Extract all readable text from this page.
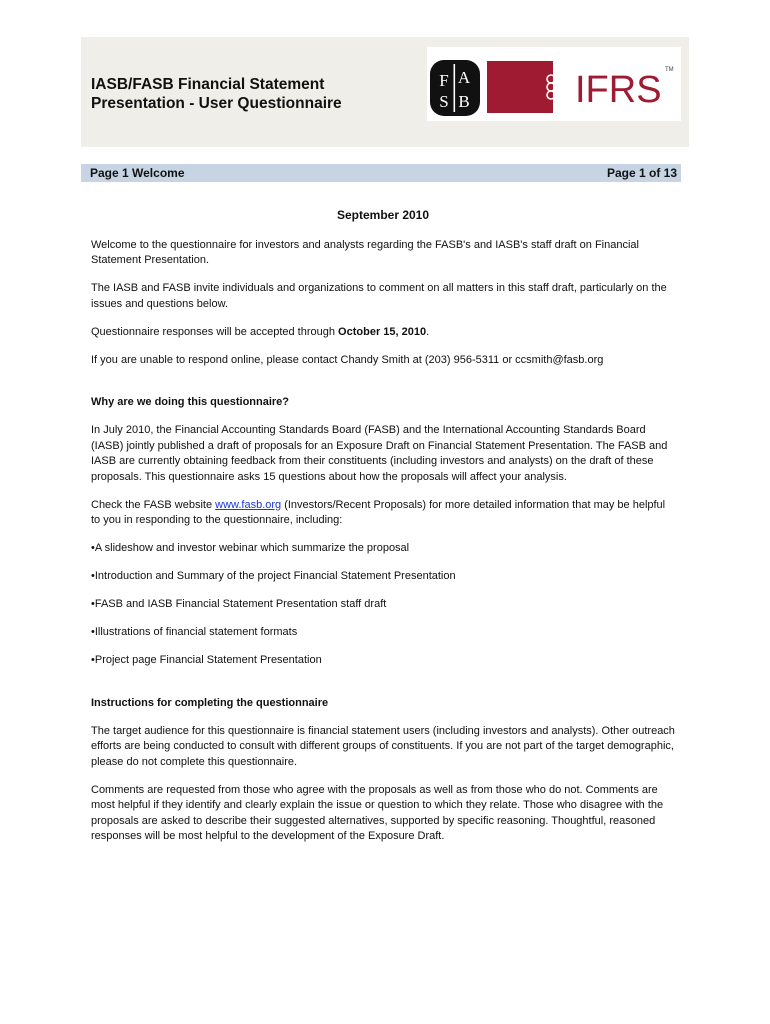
IASB/FASB Financial Statement
Presentation - User Questionnaire
F A
S B	IFRS TM
Page 1 Welcome	Page 1 of 13
September 2010

Welcome to the questionnaire for investors and analysts regarding the FASB's and IASB's staff draft on Financial Statement Presentation.

The IASB and FASB invite individuals and organizations to comment on all matters in this staff draft, particularly on the issues and questions below.

Questionnaire responses will be accepted through October 15, 2010.

If you are unable to respond online, please contact Chandy Smith at (203) 956-5311 or ccsmith@fasb.org

Why are we doing this questionnaire?

In July 2010, the Financial Accounting Standards Board (FASB) and the International Accounting Standards Board (IASB) jointly published a draft of proposals for an Exposure Draft on Financial Statement Presentation. The FASB and IASB are currently obtaining feedback from their constituents (including investors and analysts) on the draft of these proposals. This questionnaire asks 15 questions about how the proposals will affect your analysis.

Check the FASB website www.fasb.org (Investors/Recent Proposals) for more detailed information that may be helpful to you in responding to the questionnaire, including:

•A slideshow and investor webinar which summarize the proposal

•Introduction and Summary of the project Financial Statement Presentation

•FASB and IASB Financial Statement Presentation staff draft

•Illustrations of financial statement formats

•Project page Financial Statement Presentation

Instructions for completing the questionnaire

The target audience for this questionnaire is financial statement users (including investors and analysts). Other outreach efforts are being conducted to consult with different groups of constituents. If you are not part of the target demographic, please do not complete this questionnaire.

Comments are requested from those who agree with the proposals as well as from those who do not. Comments are most helpful if they identify and clearly explain the issue or question to which they relate. Those who disagree with the proposals are asked to describe their suggested alternatives, supported by specific reasoning. Thoughtful, reasoned responses will be most helpful to the development of the Exposure Draft.
